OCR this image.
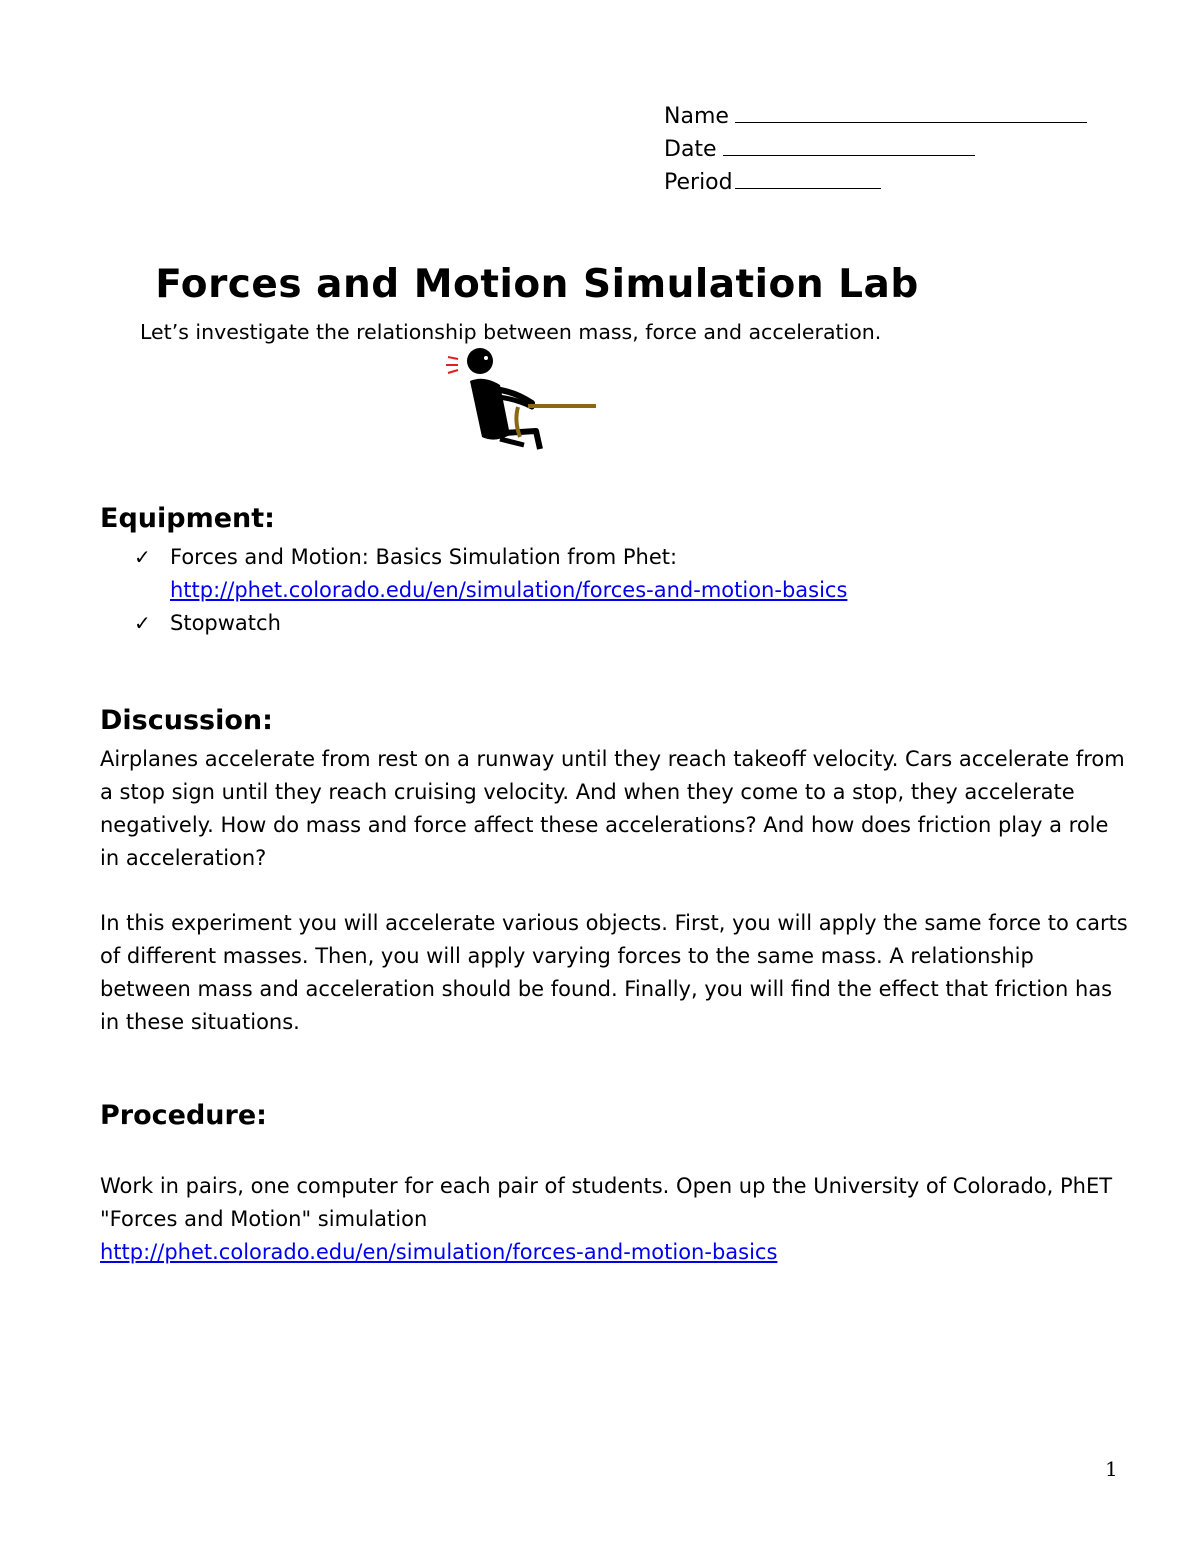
Name
Date
Period
Forces and Motion Simulation Lab
Let’s investigate the relationship between mass, force and acceleration.
Equipment:
✓ Forces and Motion: Basics Simulation from Phet:
http://phet.colorado.edu/en/simulation/forces-and-motion-basics
✓ Stopwatch
Discussion:
Airplanes accelerate from rest on a runway until they reach takeoff velocity. Cars accelerate from a stop sign until they reach cruising velocity. And when they come to a stop, they accelerate negatively. How do mass and force affect these accelerations? And how does friction play a role in acceleration?
In this experiment you will accelerate various objects. First, you will apply the same force to carts of different masses. Then, you will apply varying forces to the same mass. A relationship between mass and acceleration should be found. Finally, you will find the effect that friction has in these situations.
Procedure:
Work in pairs, one computer for each pair of students. Open up the University of Colorado, PhET "Forces and Motion" simulation
http://phet.colorado.edu/en/simulation/forces-and-motion-basics
1
